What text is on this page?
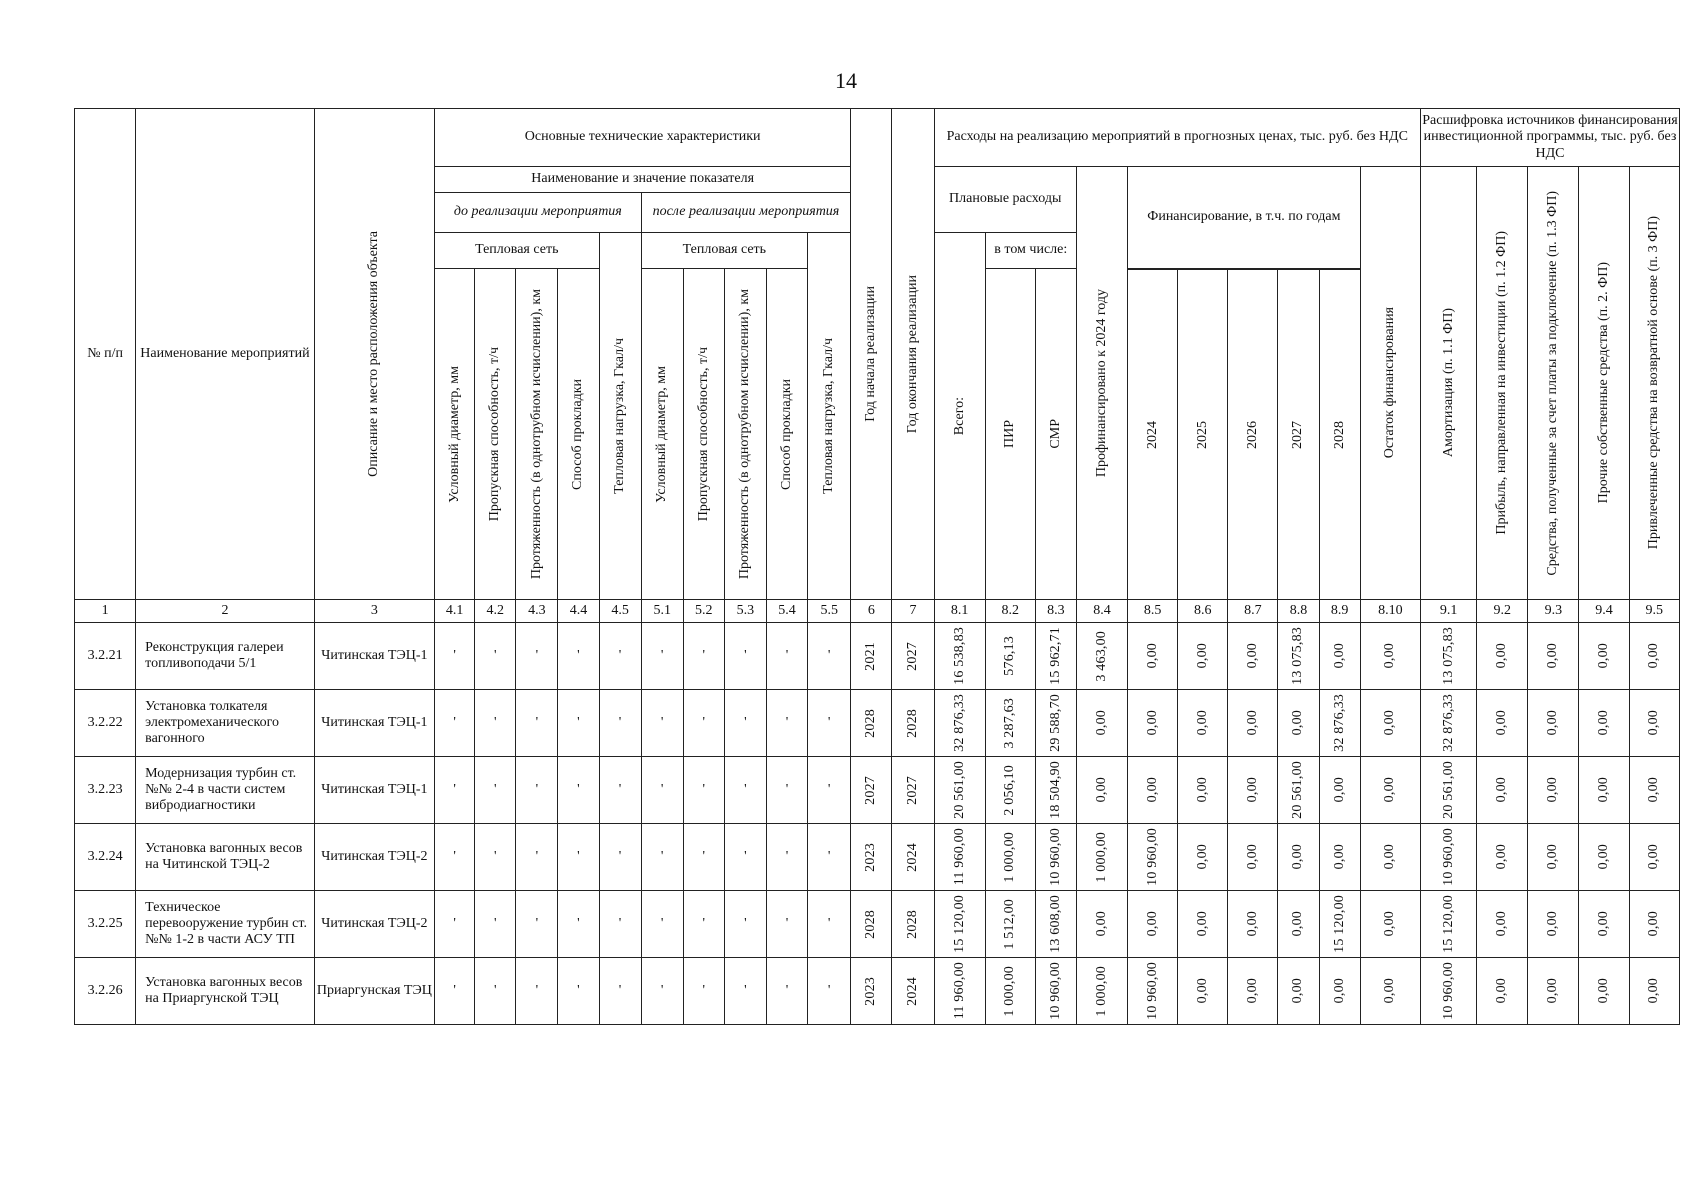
14
№ п/п	Наименование мероприятий	Описание и место расположения объекта	Основные технические характеристики										Год начала реализации	Год окончания реализации	Расходы на реализацию мероприятий в прогнозных ценах, тыс. руб. без НДС										Расшифровка источников финансирования инвестиционной программы, тыс. руб. без НДС				
			Наименование и значение показателя												Плановые расходы			Профинансировано к 2024 году	Финансирование, в т.ч. по годам					Остаток финансирования	Амортизация (п. 1.1 ФП)	Прибыль, направленная на инвестиции (п. 1.2 ФП)	Средства, полученные за счет платы за подключение (п. 1.3 ФП)	Прочие собственные средства (п. 2. ФП)	Привлеченные средства на возвратной основе (п. 3 ФП)

			до реализации мероприятия					после реализации мероприятия																					
			Тепловая сеть				Тепловая нагрузка, Гкал/ч	Тепловая сеть				Тепловая нагрузка, Гкал/ч			Всего:	в том числе:													

			Условный диаметр, мм	Пропускная способность, т/ч	Протяженность (в однотрубном исчислении), км	Способ прокладки		Условный диаметр, мм	Пропускная способность, т/ч	Протяженность (в однотрубном исчислении), км	Способ прокладки					ПИР	СМР												

																			2024	2025	2026	2027	2028						

1	2	3	4.1	4.2	4.3	4.4	4.5	5.1	5.2	5.3	5.4	5.5	6	7	8.1	8.2	8.3	8.4	8.5	8.6	8.7	8.8	8.9	8.10	9.1	9.2	9.3	9.4	9.5
3.2.21	Реконструкция галереи топливоподачи 5/1	Читинская ТЭЦ-1	'	'	'	'	'	'	'	'	'	'	2021	2027	16 538,83	576,13	15 962,71	3 463,00	0,00	0,00	0,00	13 075,83	0,00	0,00	13 075,83	0,00	0,00	0,00	0,00

3.2.22	Установка толкателя электромеханического вагонного	Читинская ТЭЦ-1	'	'	'	'	'	'	'	'	'	'	2028	2028	32 876,33	3 287,63	29 588,70	0,00	0,00	0,00	0,00	0,00	32 876,33	0,00	32 876,33	0,00	0,00	0,00	0,00

3.2.23	Модернизация турбин ст. №№ 2-4 в части систем вибродиагностики	Читинская ТЭЦ-1	'	'	'	'	'	'	'	'	'	'	2027	2027	20 561,00	2 056,10	18 504,90	0,00	0,00	0,00	0,00	20 561,00	0,00	0,00	20 561,00	0,00	0,00	0,00	0,00

3.2.24	Установка вагонных весов на Читинской ТЭЦ-2	Читинская ТЭЦ-2	'	'	'	'	'	'	'	'	'	'	2023	2024	11 960,00	1 000,00	10 960,00	1 000,00	10 960,00	0,00	0,00	0,00	0,00	0,00	10 960,00	0,00	0,00	0,00	0,00

3.2.25	Техническое перевооружение турбин ст. №№ 1-2 в части АСУ ТП	Читинская ТЭЦ-2	'	'	'	'	'	'	'	'	'	'	2028	2028	15 120,00	1 512,00	13 608,00	0,00	0,00	0,00	0,00	0,00	15 120,00	0,00	15 120,00	0,00	0,00	0,00	0,00

3.2.26	Установка вагонных весов на Приаргунской ТЭЦ	Приаргунская ТЭЦ	'	'	'	'	'	'	'	'	'	'	2023	2024	11 960,00	1 000,00	10 960,00	1 000,00	10 960,00	0,00	0,00	0,00	0,00	0,00	10 960,00	0,00	0,00	0,00	0,00
